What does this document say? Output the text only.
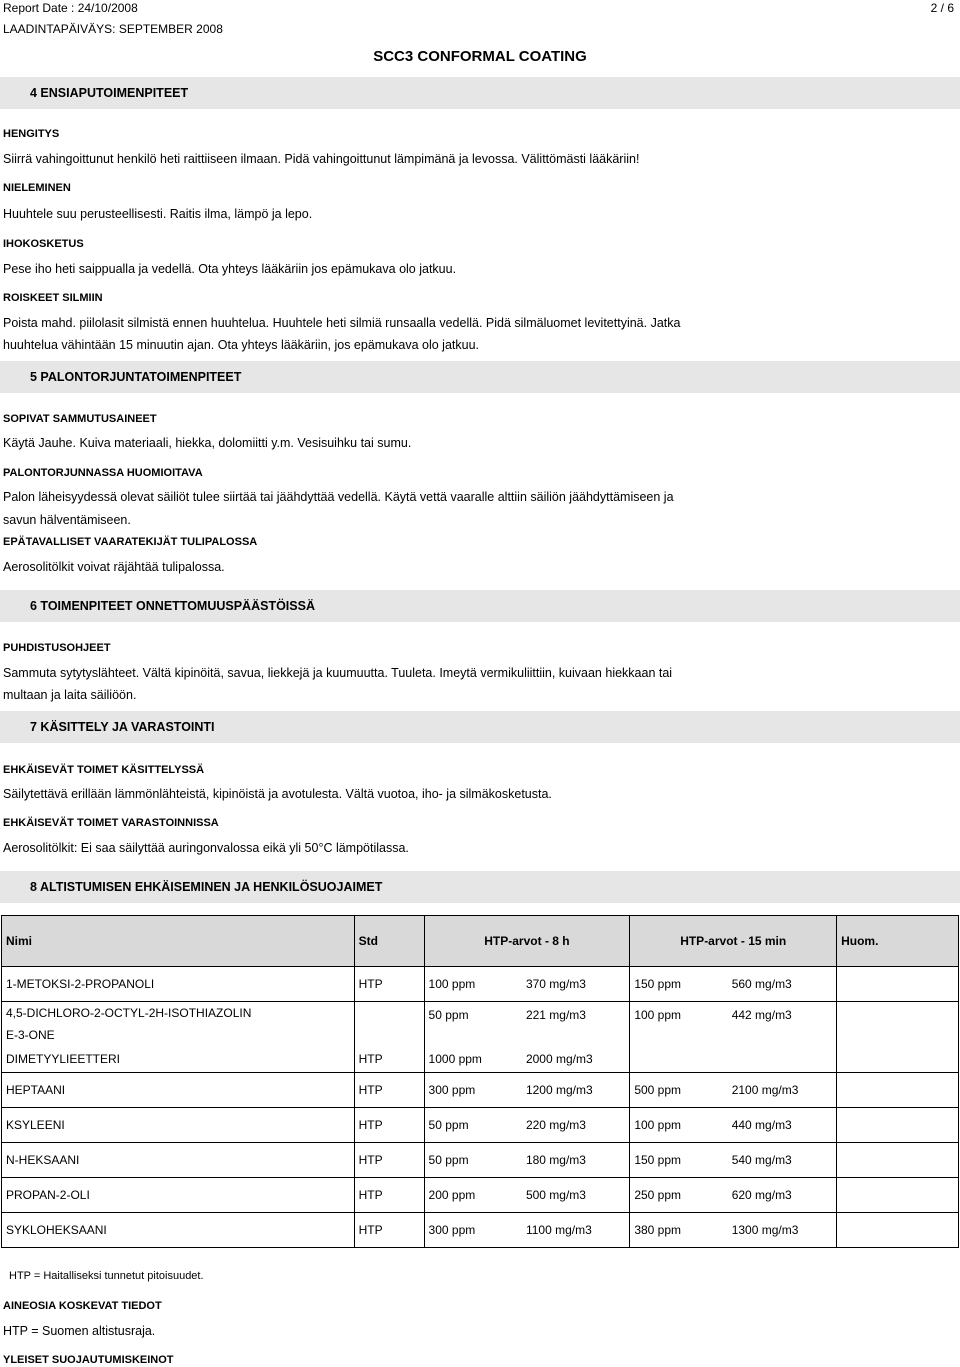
Report Date : 24/10/2008	2 / 6
LAADINTAPÄIVÄYS: SEPTEMBER 2008
SCC3 CONFORMAL COATING
4 ENSIAPUTOIMENPITEET
HENGITYS
Siirrä vahingoittunut henkilö heti raittiiseen ilmaan. Pidä vahingoittunut lämpimänä ja levossa. Välittömästi lääkäriin!
NIELEMINEN
Huuhtele suu perusteellisesti. Raitis ilma, lämpö ja lepo.
IHOKOSKETUS
Pese iho heti saippualla ja vedellä. Ota yhteys lääkäriin jos epämukava olo jatkuu.
ROISKEET SILMIIN
Poista mahd. piilolasit silmistä ennen huuhtelua. Huuhtele heti silmiä runsaalla vedellä. Pidä silmäluomet levitettyinä. Jatka
huuhtelua vähintään 15 minuutin ajan. Ota yhteys lääkäriin, jos epämukava olo jatkuu.
5 PALONTORJUNTATOIMENPITEET
SOPIVAT SAMMUTUSAINEET
Käytä Jauhe. Kuiva materiaali, hiekka, dolomiitti y.m. Vesisuihku tai sumu.
PALONTORJUNNASSA HUOMIOITAVA
Palon läheisyydessä olevat säiliöt tulee siirtää tai jäähdyttää vedellä. Käytä vettä vaaralle alttiin säiliön jäähdyttämiseen ja
savun hälventämiseen.
EPÄTAVALLISET VAARATEKIJÄT TULIPALOSSA
Aerosolitölkit voivat räjähtää tulipalossa.
6 TOIMENPITEET ONNETTOMUUSPÄÄSTÖISSÄ
PUHDISTUSOHJEET
Sammuta sytytyslähteet. Vältä kipinöitä, savua, liekkejä ja kuumuutta. Tuuleta. Imeytä vermikuliittiin, kuivaan hiekkaan tai
multaan ja laita säiliöön.
7 KÄSITTELY JA VARASTOINTI
EHKÄISEVÄT TOIMET KÄSITTELYSSÄ
Säilytettävä erillään lämmönlähteistä, kipinöistä ja avotulesta. Vältä vuotoa, iho- ja silmäkosketusta.
EHKÄISEVÄT TOIMET VARASTOINNISSA
Aerosolitölkit: Ei saa säilyttää auringonvalossa eikä yli 50°C lämpötilassa.
8 ALTISTUMISEN EHKÄISEMINEN JA HENKILÖSUOJAIMET
Nimi	Std	HTP-arvot - 8 h		HTP-arvot - 15 min		Huom.
1-METOKSI-2-PROPANOLI	HTP	100 ppm	370 mg/m3	150 ppm	560 mg/m3	

4,5-DICHLORO-2-OCTYL-2H-ISOTHIAZOLIN
E-3-ONE		50 ppm	221 mg/m3	100 ppm	442 mg/m3	
DIMETYYLIEETTERI	HTP	1000 ppm	2000 mg/m3			
HEPTAANI	HTP	300 ppm	1200 mg/m3	500 ppm	2100 mg/m3	
KSYLEENI	HTP	50 ppm	220 mg/m3	100 ppm	440 mg/m3	
N-HEKSAANI	HTP	50 ppm	180 mg/m3	150 ppm	540 mg/m3	
PROPAN-2-OLI	HTP	200 ppm	500 mg/m3	250 ppm	620 mg/m3	
SYKLOHEKSAANI	HTP	300 ppm	1100 mg/m3	380 ppm	1300 mg/m3	
HTP = Haitalliseksi tunnetut pitoisuudet.
AINEOSIA KOSKEVAT TIEDOT
HTP = Suomen altistusraja.
YLEISET SUOJAUTUMISKEINOT
